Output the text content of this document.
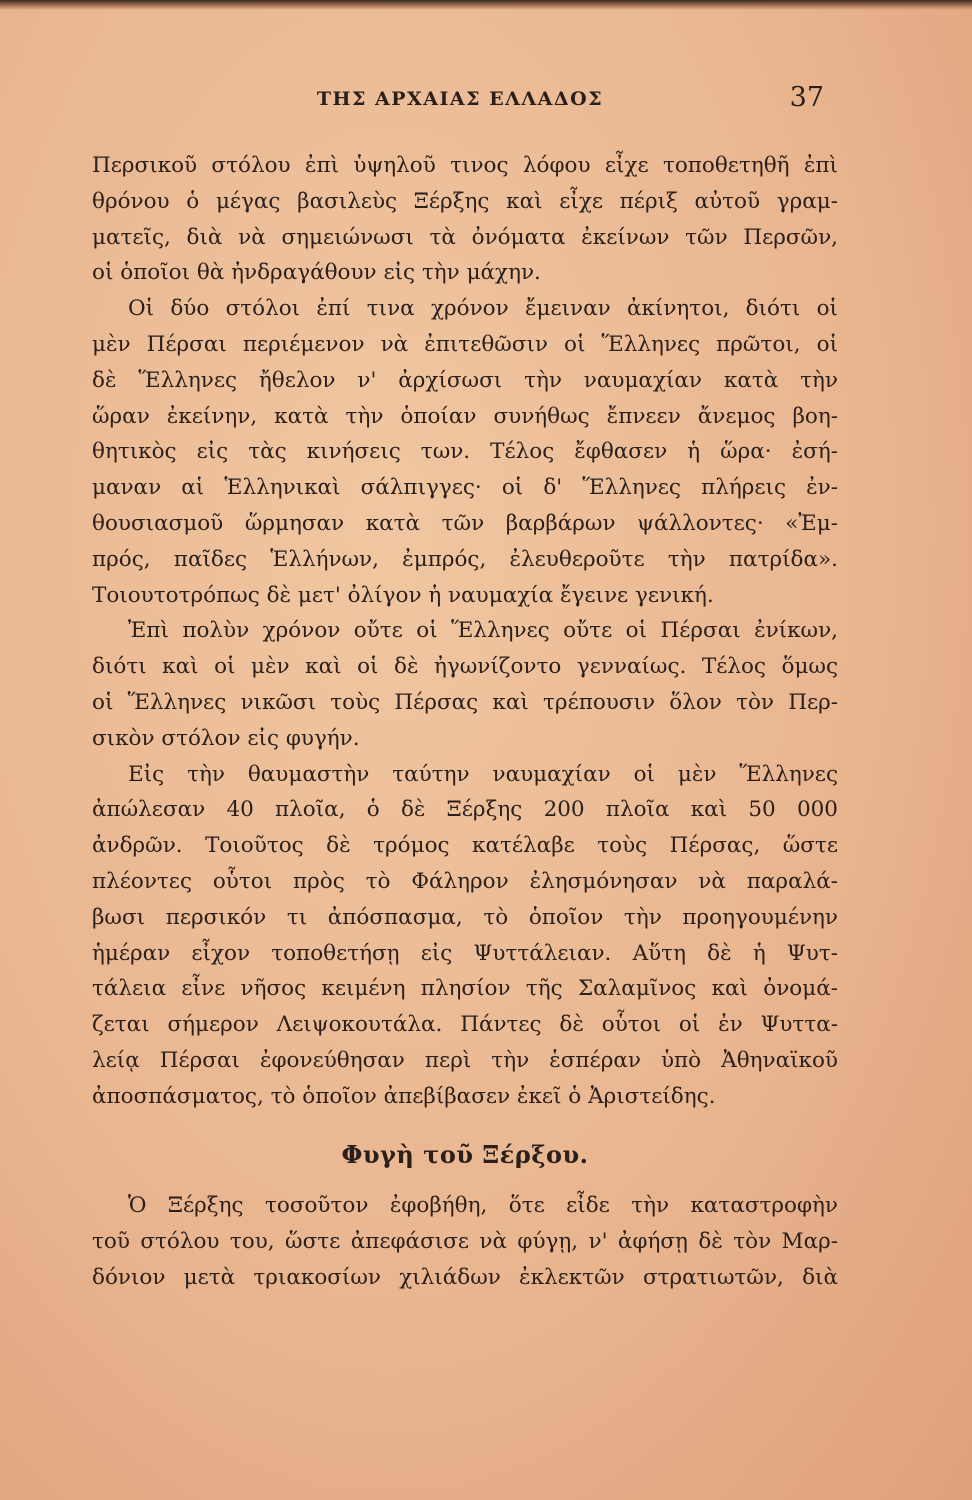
ΤΗΣ ΑΡΧΑΙΑΣ ΕΛΛΑΔΟΣ	37
Περσικοῦ στόλου ἐπὶ ὑψηλοῦ τινος λόφου εἶχε τοποθετηθῆ ἐπὶ
θρόνου ὁ μέγας βασιλεὺς Ξέρξης καὶ εἶχε πέριξ αὐτοῦ γραμ-
ματεῖς, διὰ νὰ σημειώνωσι τὰ ὀνόματα ἐκείνων τῶν Περσῶν,
οἱ ὁποῖοι θὰ ἠνδραγάθουν εἰς τὴν μάχην.
Οἱ δύο στόλοι ἐπί τινα χρόνον ἔμειναν ἀκίνητοι, διότι οἱ
μὲν Πέρσαι περιέμενον νὰ ἐπιτεθῶσιν οἱ Ἕλληνες πρῶτοι, οἱ
δὲ Ἕλληνες ἤθελον ν' ἀρχίσωσι τὴν ναυμαχίαν κατὰ τὴν
ὥραν ἐκείνην, κατὰ τὴν ὁποίαν συνήθως ἔπνεεν ἄνεμος βοη-
θητικὸς εἰς τὰς κινήσεις των. Τέλος ἔφθασεν ἡ ὥρα· ἐσή-
μαναν αἱ Ἑλληνικαὶ σάλπιγγες· οἱ δ' Ἕλληνες πλήρεις ἐν-
θουσιασμοῦ ὥρμησαν κατὰ τῶν βαρβάρων ψάλλοντες· «Ἐμ-
πρός, παῖδες Ἑλλήνων, ἐμπρός, ἐλευθεροῦτε τὴν πατρίδα».
Τοιουτοτρόπως δὲ μετ' ὀλίγον ἡ ναυμαχία ἔγεινε γενική.
Ἐπὶ πολὺν χρόνον οὔτε οἱ Ἕλληνες οὔτε οἱ Πέρσαι ἐνίκων,
διότι καὶ οἱ μὲν καὶ οἱ δὲ ἠγωνίζοντο γενναίως. Τέλος ὅμως
οἱ Ἕλληνες νικῶσι τοὺς Πέρσας καὶ τρέπουσιν ὅλον τὸν Περ-
σικὸν στόλον εἰς φυγήν.
Εἰς τὴν θαυμαστὴν ταύτην ναυμαχίαν οἱ μὲν Ἕλληνες
ἀπώλεσαν 40 πλοῖα, ὁ δὲ Ξέρξης 200 πλοῖα καὶ 50 000
ἀνδρῶν. Τοιοῦτος δὲ τρόμος κατέλαβε τοὺς Πέρσας, ὥστε
πλέοντες οὗτοι πρὸς τὸ Φάληρον ἐλησμόνησαν νὰ παραλά-
βωσι περσικόν τι ἀπόσπασμα, τὸ ὁποῖον τὴν προηγουμένην
ἡμέραν εἶχον τοποθετήσῃ εἰς Ψυττάλειαν. Αὕτη δὲ ἡ Ψυτ-
τάλεια εἶνε νῆσος κειμένη πλησίον τῆς Σαλαμῖνος καὶ ὀνομά-
ζεται σήμερον Λειψοκουτάλα. Πάντες δὲ οὗτοι οἱ ἐν Ψυττα-
λείᾳ Πέρσαι ἐφονεύθησαν περὶ τὴν ἑσπέραν ὑπὸ Ἀθηναϊκοῦ
ἀποσπάσματος, τὸ ὁποῖον ἀπεβίβασεν ἐκεῖ ὁ Ἀριστείδης.
Φυγὴ τοῦ Ξέρξου.
Ὁ Ξέρξης τοσοῦτον ἐφοβήθη, ὅτε εἶδε τὴν καταστροφὴν
τοῦ στόλου του, ὥστε ἀπεφάσισε νὰ φύγῃ, ν' ἀφήσῃ δὲ τὸν Μαρ-
δόνιον μετὰ τριακοσίων χιλιάδων ἐκλεκτῶν στρατιωτῶν, διὰ
